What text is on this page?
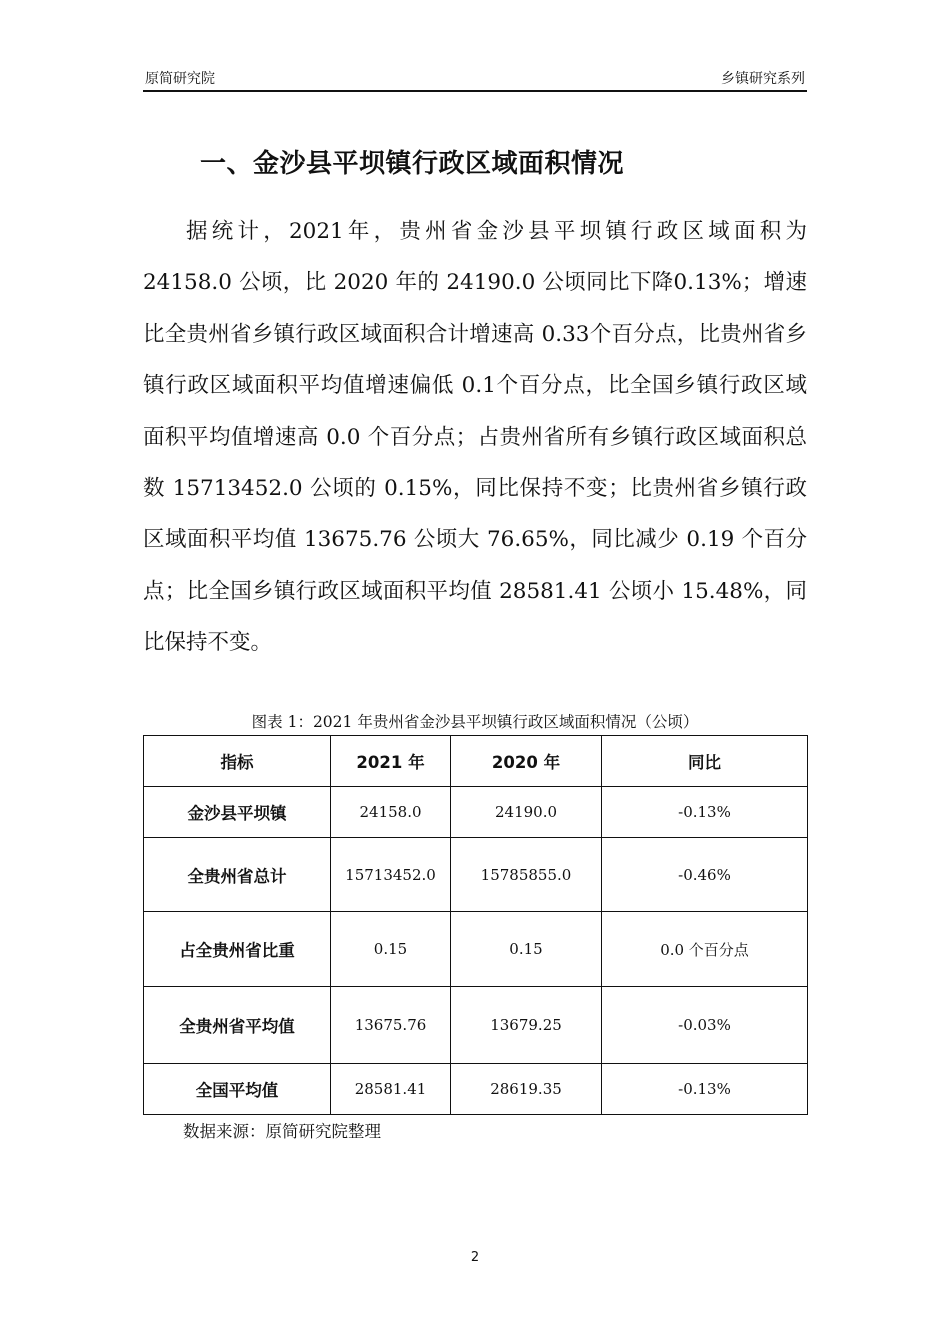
原简研究院	乡镇研究系列
一、金沙县平坝镇行政区域面积情况

据统计，2021年，贵州省金沙县平坝镇行政区域面积为 24158.0 公顷，比 2020 年的 24190.0 公顷同比下降0.13%；增速比全贵州省乡镇行政区域面积合计增速高 0.33个百分点，比贵州省乡镇行政区域面积平均值增速偏低 0.1个百分点，比全国乡镇行政区域面积平均值增速高 0.0 个百分点；占贵州省所有乡镇行政区域面积总数 15713452.0 公顷的 0.15%，同比保持不变；比贵州省乡镇行政区域面积平均值 13675.76 公顷大 76.65%，同比减少 0.19 个百分点；比全国乡镇行政区域面积平均值 28581.41 公顷小 15.48%，同比保持不变。

图表 1：2021 年贵州省金沙县平坝镇行政区域面积情况（公顷）

指标	2021 年	2020 年	同比
金沙县平坝镇	24158.0	24190.0	-0.13%
全贵州省总计	15713452.0	15785855.0	-0.46%
占全贵州省比重	0.15	0.15	0.0 个百分点
全贵州省平均值	13675.76	13679.25	-0.03%
全国平均值	28581.41	28619.35	-0.13%

数据来源：原简研究院整理

2
